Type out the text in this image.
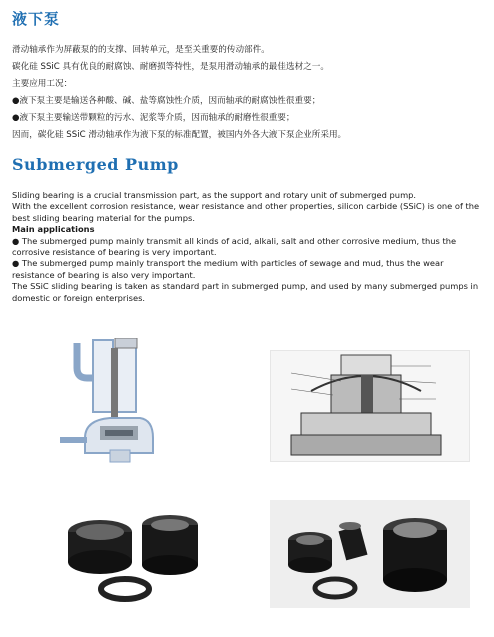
液下泵
滑动轴承作为屏蔽泵的的支撑、回转单元，是至关重要的传动部件。
碳化硅 SSiC 具有优良的耐腐蚀、耐磨损等特性，是泵用滑动轴承的最佳选材之一。
主要应用工况：
●液下泵主要是输送各种酸、碱、盐等腐蚀性介质，因而轴承的耐腐蚀性很重要；
●液下泵主要输送带颗粒的污水、泥浆等介质，因而轴承的耐磨性很重要；
因而，碳化硅 SSiC 滑动轴承作为液下泵的标准配置，被国内外各大液下泵企业所采用。
Submerged Pump

Sliding bearing is a crucial transmission part, as the support and rotary unit of submerged pump.

With the excellent corrosion resistance, wear resistance and other properties, silicon carbide (SSiC) is one of the best sliding bearing material for the pumps.

Main applications

● The submerged pump mainly transmit all kinds of acid, alkali, salt and other corrosive medium, thus the corrosive resistance of bearing is very important.

● The submerged pump mainly transport the medium with particles of sewage and mud, thus the wear resistance of bearing is also very important.

The SSiC sliding bearing is taken as standard part in submerged pump, and used by many submerged pumps in domestic or foreign enterprises.
